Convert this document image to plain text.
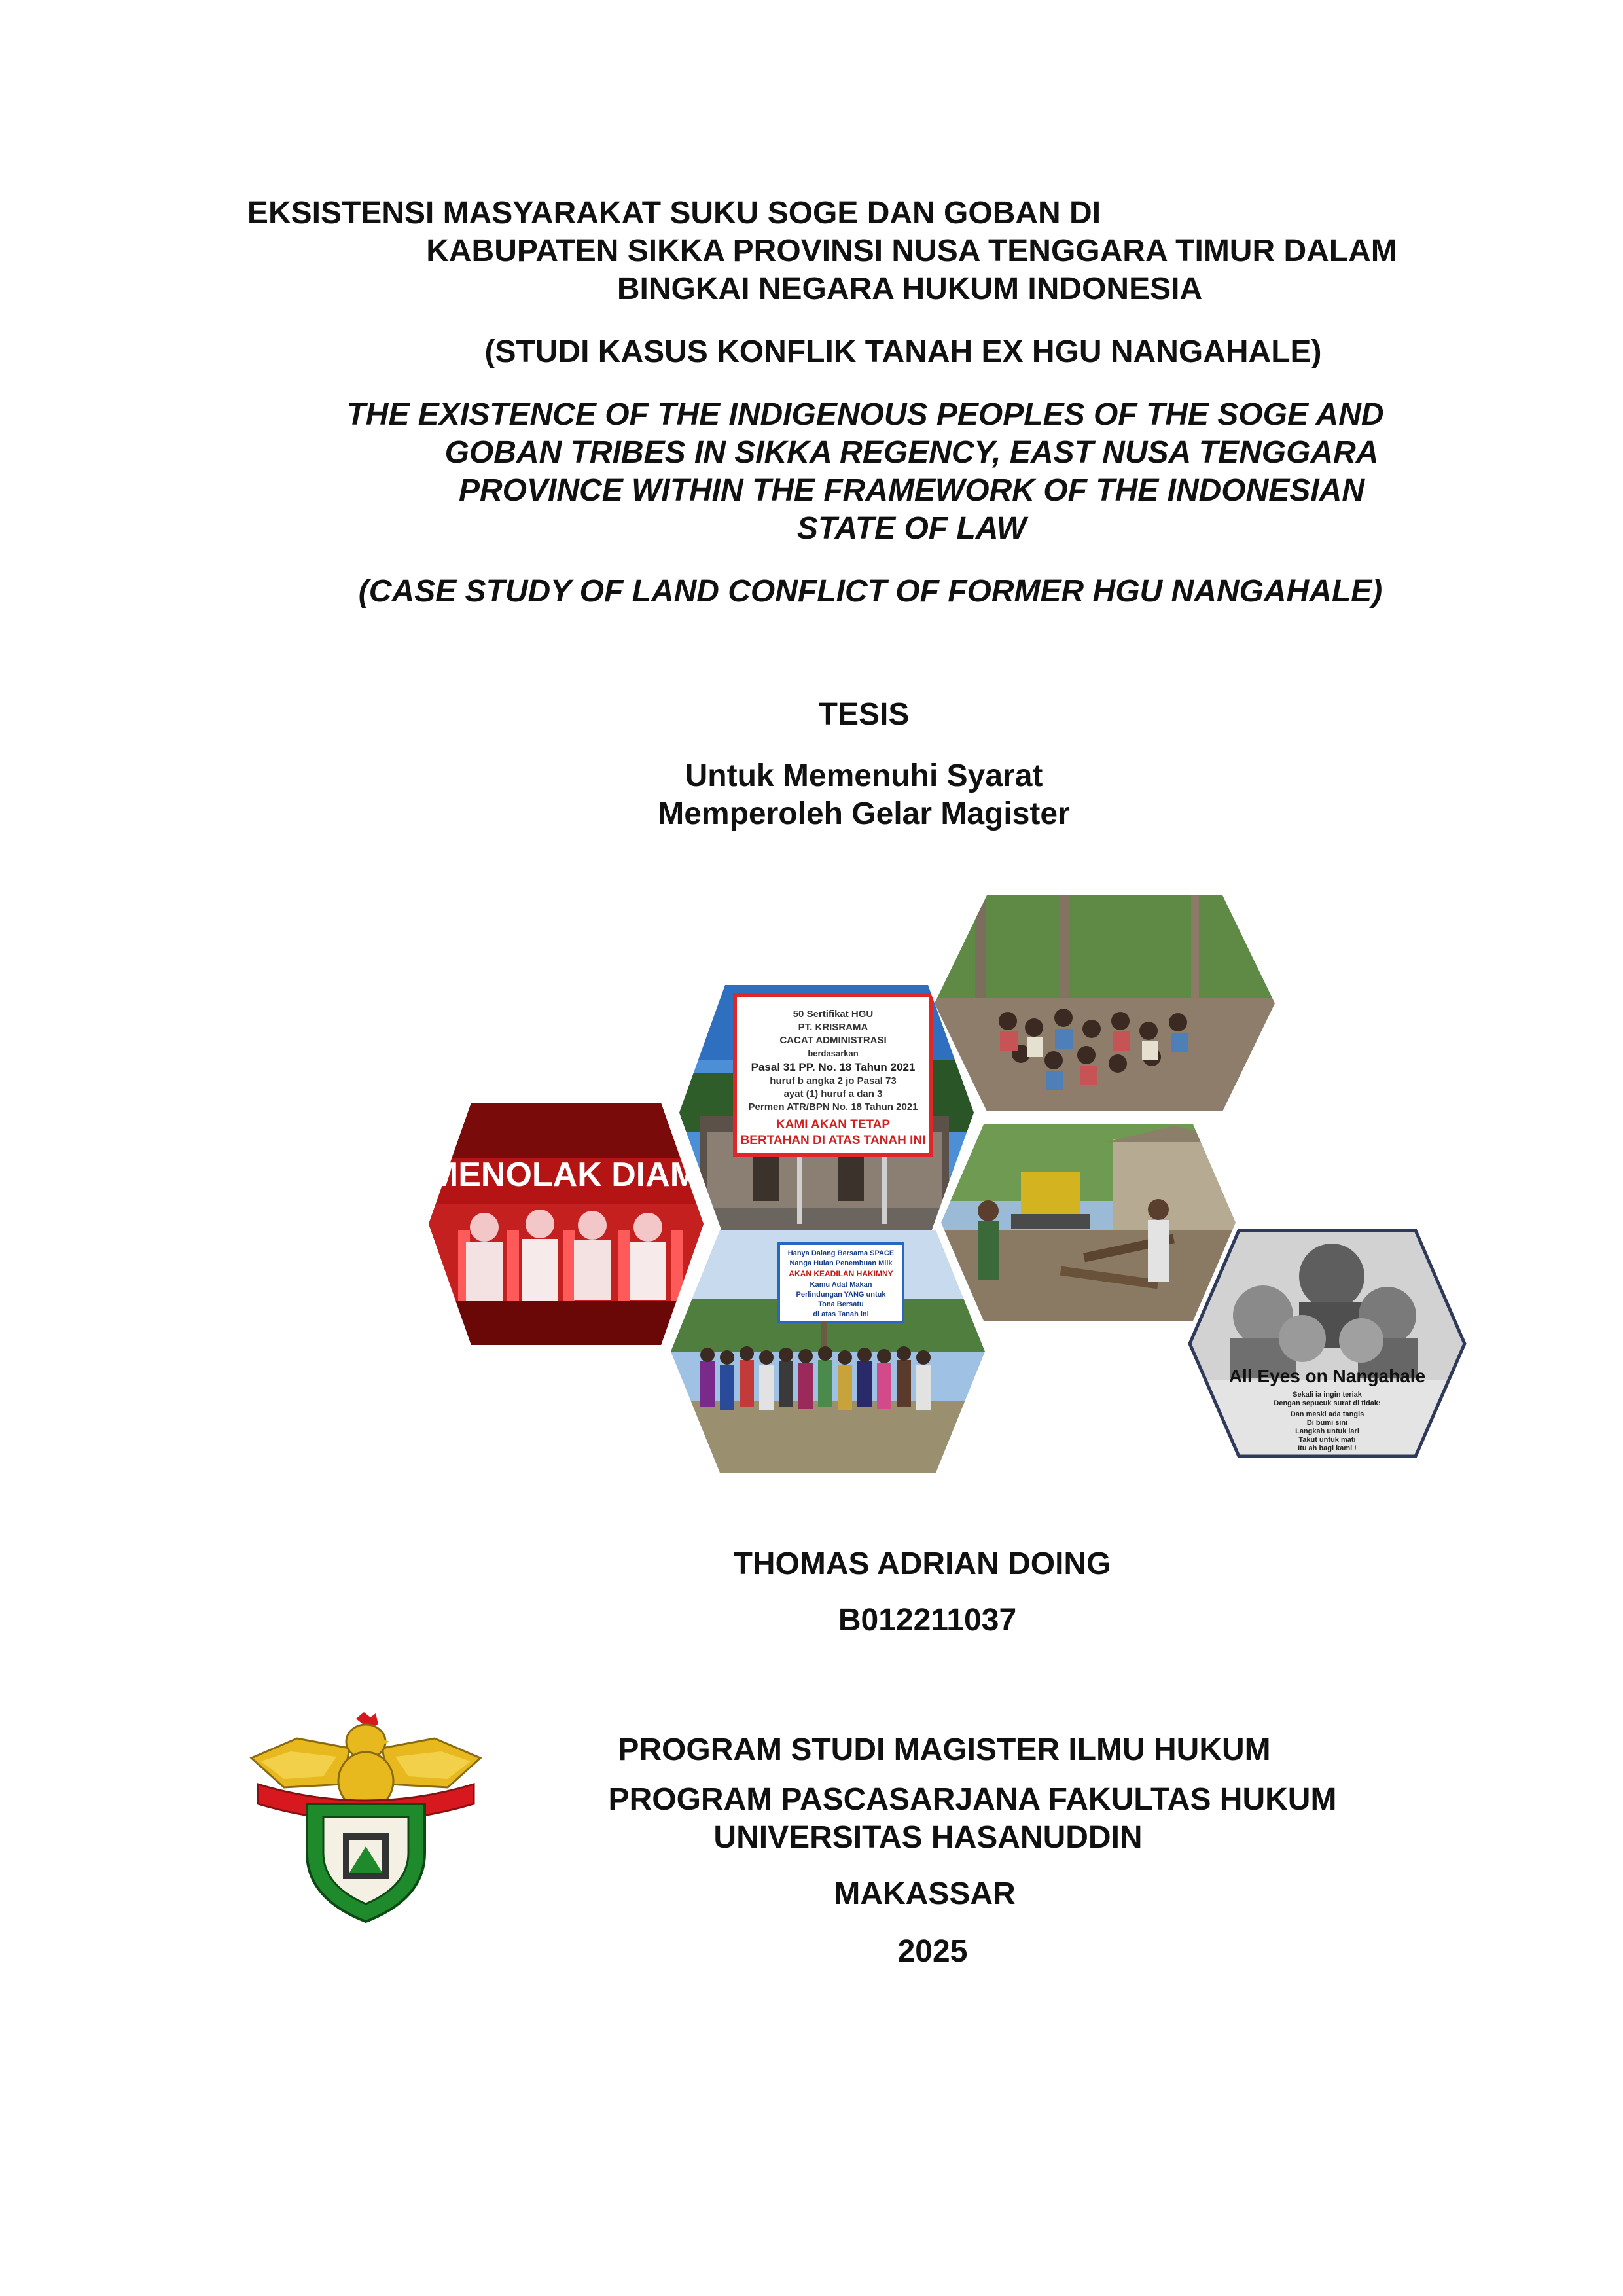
EKSISTENSI MASYARAKAT SUKU SOGE DAN GOBAN DI
KABUPATEN SIKKA PROVINSI NUSA TENGGARA TIMUR DALAM
BINGKAI NEGARA HUKUM INDONESIA
(STUDI KASUS KONFLIK TANAH EX HGU NANGAHALE)
THE EXISTENCE OF THE INDIGENOUS PEOPLES OF THE SOGE AND
GOBAN TRIBES IN SIKKA REGENCY, EAST NUSA TENGGARA
PROVINCE WITHIN THE FRAMEWORK OF THE INDONESIAN
STATE OF LAW
(CASE STUDY OF LAND CONFLICT OF FORMER HGU NANGAHALE)
TESIS
Untuk Memenuhi Syarat
Memperoleh Gelar Magister
MENOLAK DIAM
50 Sertifikat HGU
PT. KRISRAMA
CACAT ADMINISTRASI
berdasarkan
Pasal 31 PP. No. 18 Tahun 2021
huruf b angka 2 jo Pasal 73
ayat (1) huruf a dan 3
Permen ATR/BPN No. 18 Tahun 2021
KAMI AKAN TETAP
BERTAHAN DI ATAS TANAH INI
Hanya Dalang Bersama SPACE
Nanga Hulan Penembuan Milk
AKAN KEADILAN HAKIMNY
Kamu Adat Makan
Perlindungan YANG untuk
Tona Bersatu
di atas Tanah ini
All Eyes on Nangahale
Sekali ia ingin teriak
Dengan sepucuk surat di tidak:
Dan meski ada tangis
Di bumi sini
Langkah untuk lari
Takut untuk mati
Itu ah bagi kami !
THOMAS ADRIAN DOING
B012211037
PROGRAM STUDI MAGISTER ILMU HUKUM
PROGRAM PASCASARJANA FAKULTAS HUKUM
UNIVERSITAS HASANUDDIN
MAKASSAR
2025
